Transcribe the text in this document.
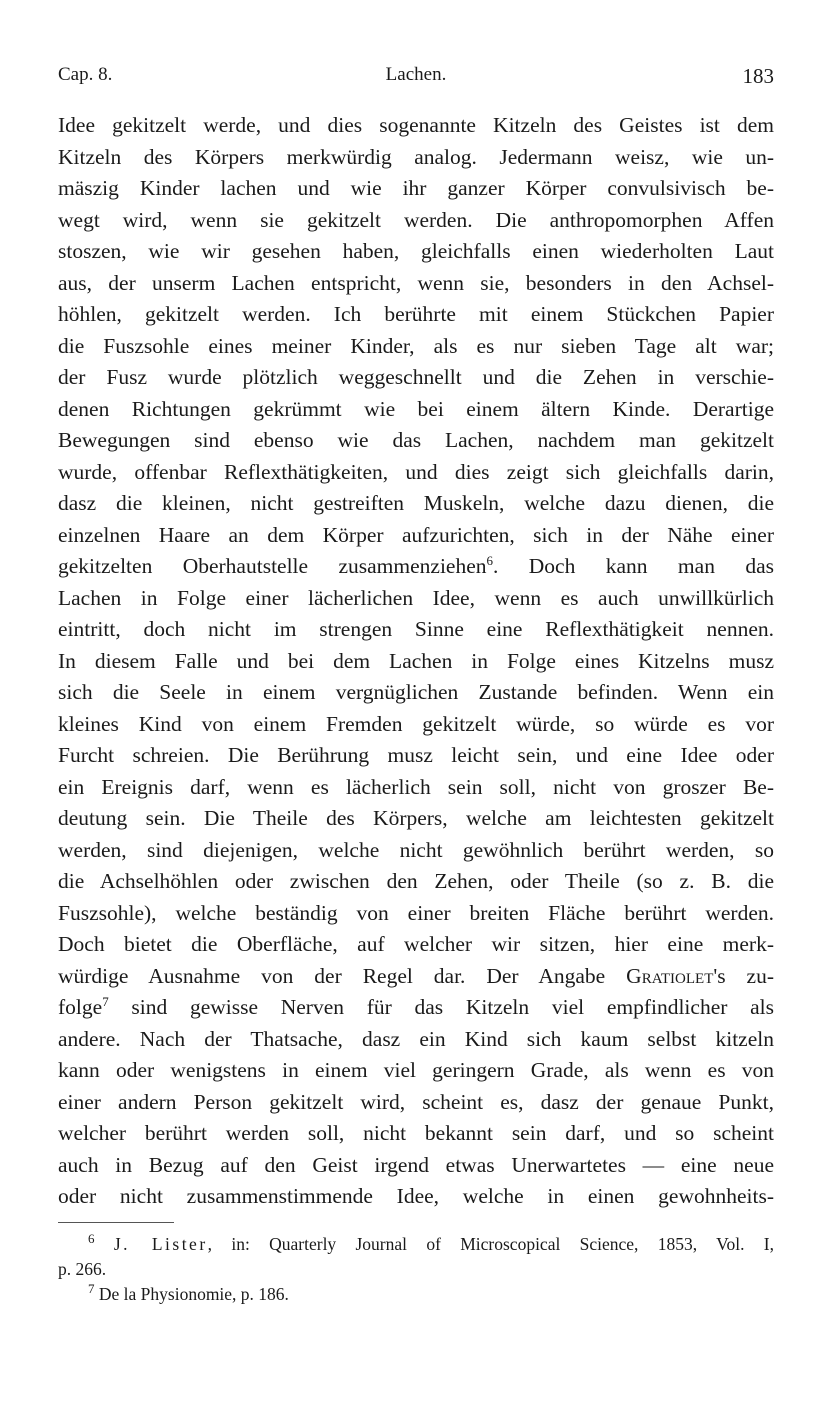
Cap. 8.	Lachen.	183
Idee gekitzelt werde, und dies sogenannte Kitzeln des Geistes ist dem
Kitzeln des Körpers merkwürdig analog. Jedermann weisz, wie un-
mäszig Kinder lachen und wie ihr ganzer Körper convulsivisch be-
wegt wird, wenn sie gekitzelt werden. Die anthropomorphen Affen
stoszen, wie wir gesehen haben, gleichfalls einen wiederholten Laut
aus, der unserm Lachen entspricht, wenn sie, besonders in den Achsel-
höhlen, gekitzelt werden. Ich berührte mit einem Stückchen Papier
die Fuszsohle eines meiner Kinder, als es nur sieben Tage alt war;
der Fusz wurde plötzlich weggeschnellt und die Zehen in verschie-
denen Richtungen gekrümmt wie bei einem ältern Kinde. Derartige
Bewegungen sind ebenso wie das Lachen, nachdem man gekitzelt
wurde, offenbar Reflexthätigkeiten, und dies zeigt sich gleichfalls darin,
dasz die kleinen, nicht gestreiften Muskeln, welche dazu dienen, die
einzelnen Haare an dem Körper aufzurichten, sich in der Nähe einer
gekitzelten Oberhautstelle zusammenziehen$^6$. Doch kann man das
Lachen in Folge einer lächerlichen Idee, wenn es auch unwillkürlich
eintritt, doch nicht im strengen Sinne eine Reflexthätigkeit nennen.
In diesem Falle und bei dem Lachen in Folge eines Kitzelns musz
sich die Seele in einem vergnüglichen Zustande befinden. Wenn ein
kleines Kind von einem Fremden gekitzelt würde, so würde es vor
Furcht schreien. Die Berührung musz leicht sein, und eine Idee oder
ein Ereignis darf, wenn es lächerlich sein soll, nicht von groszer Be-
deutung sein. Die Theile des Körpers, welche am leichtesten gekitzelt
werden, sind diejenigen, welche nicht gewöhnlich berührt werden, so
die Achselhöhlen oder zwischen den Zehen, oder Theile (so z. B. die
Fuszsohle), welche beständig von einer breiten Fläche berührt werden.
Doch bietet die Oberfläche, auf welcher wir sitzen, hier eine merk-
würdige Ausnahme von der Regel dar. Der Angabe Gratiolet's zu-
folge$^7$ sind gewisse Nerven für das Kitzeln viel empfindlicher als
andere. Nach der Thatsache, dasz ein Kind sich kaum selbst kitzeln
kann oder wenigstens in einem viel geringern Grade, als wenn es von
einer andern Person gekitzelt wird, scheint es, dasz der genaue Punkt,
welcher berührt werden soll, nicht bekannt sein darf, und so scheint
auch in Bezug auf den Geist irgend etwas Unerwartetes — eine neue
oder nicht zusammenstimmende Idee, welche in einen gewohnheits-
$^6$ J. Lister, in: Quarterly Journal of Microscopical Science, 1853, Vol. I,
p. 266.
$^7$ De la Physionomie, p. 186.
